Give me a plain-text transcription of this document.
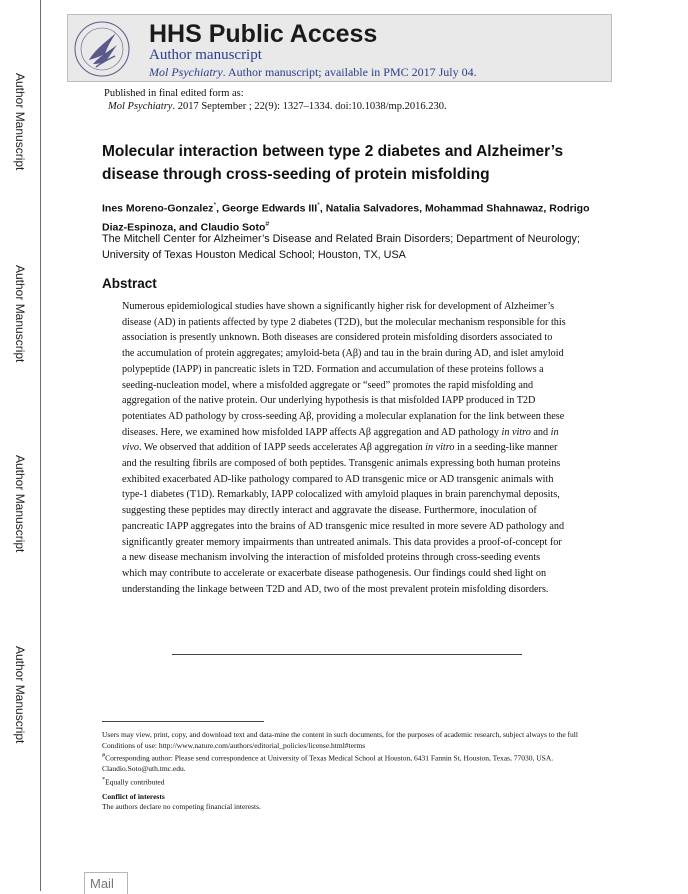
Author Manuscript
Author Manuscript
Author Manuscript
Author Manuscript
HHS Public Access
Author manuscript
Mol Psychiatry. Author manuscript; available in PMC 2017 July 04.
Published in final edited form as:
Mol Psychiatry. 2017 September ; 22(9): 1327–1334. doi:10.1038/mp.2016.230.
Molecular interaction between type 2 diabetes and Alzheimer’s disease through cross-seeding of protein misfolding
Ines Moreno-Gonzalez*, George Edwards III*, Natalia Salvadores, Mohammad Shahnawaz, Rodrigo Diaz-Espinoza, and Claudio Soto#
The Mitchell Center for Alzheimer’s Disease and Related Brain Disorders; Department of Neurology; University of Texas Houston Medical School; Houston, TX, USA
Abstract
Numerous epidemiological studies have shown a significantly higher risk for development of Alzheimer’s disease (AD) in patients affected by type 2 diabetes (T2D), but the molecular mechanism responsible for this association is presently unknown. Both diseases are considered protein misfolding disorders associated to the accumulation of protein aggregates; amyloid-beta (Aβ) and tau in the brain during AD, and islet amyloid polypeptide (IAPP) in pancreatic islets in T2D. Formation and accumulation of these proteins follows a seeding-nucleation model, where a misfolded aggregate or “seed” promotes the rapid misfolding and aggregation of the native protein. Our underlying hypothesis is that misfolded IAPP produced in T2D potentiates AD pathology by cross-seeding Aβ, providing a molecular explanation for the link between these diseases. Here, we examined how misfolded IAPP affects Aβ aggregation and AD pathology in vitro and in vivo. We observed that addition of IAPP seeds accelerates Aβ aggregation in vitro in a seeding-like manner and the resulting fibrils are composed of both peptides. Transgenic animals expressing both human proteins exhibited exacerbated AD-like pathology compared to AD transgenic mice or AD transgenic animals with type-1 diabetes (T1D). Remarkably, IAPP colocalized with amyloid plaques in brain parenchymal deposits, suggesting these peptides may directly interact and aggravate the disease. Furthermore, inoculation of pancreatic IAPP aggregates into the brains of AD transgenic mice resulted in more severe AD pathology and significantly greater memory impairments than untreated animals. This data provides a proof-of-concept for a new disease mechanism involving the interaction of misfolded proteins through cross-seeding events which may contribute to accelerate or exacerbate disease pathogenesis. Our findings could shed light on understanding the linkage between T2D and AD, two of the most prevalent protein misfolding disorders.

Users may view, print, copy, and download text and data-mine the content in such documents, for the purposes of academic research, subject always to the full Conditions of use: http://www.nature.com/authors/editorial_policies/license.html#terms

#Corresponding author: Please send correspondence at University of Texas Medical School at Houston, 6431 Fannin St, Houston, Texas, 77030, USA. Claudio.Soto@uth.tmc.edu.

*Equally contributed

Conflict of interests

The authors declare no competing financial interests.

Mail
